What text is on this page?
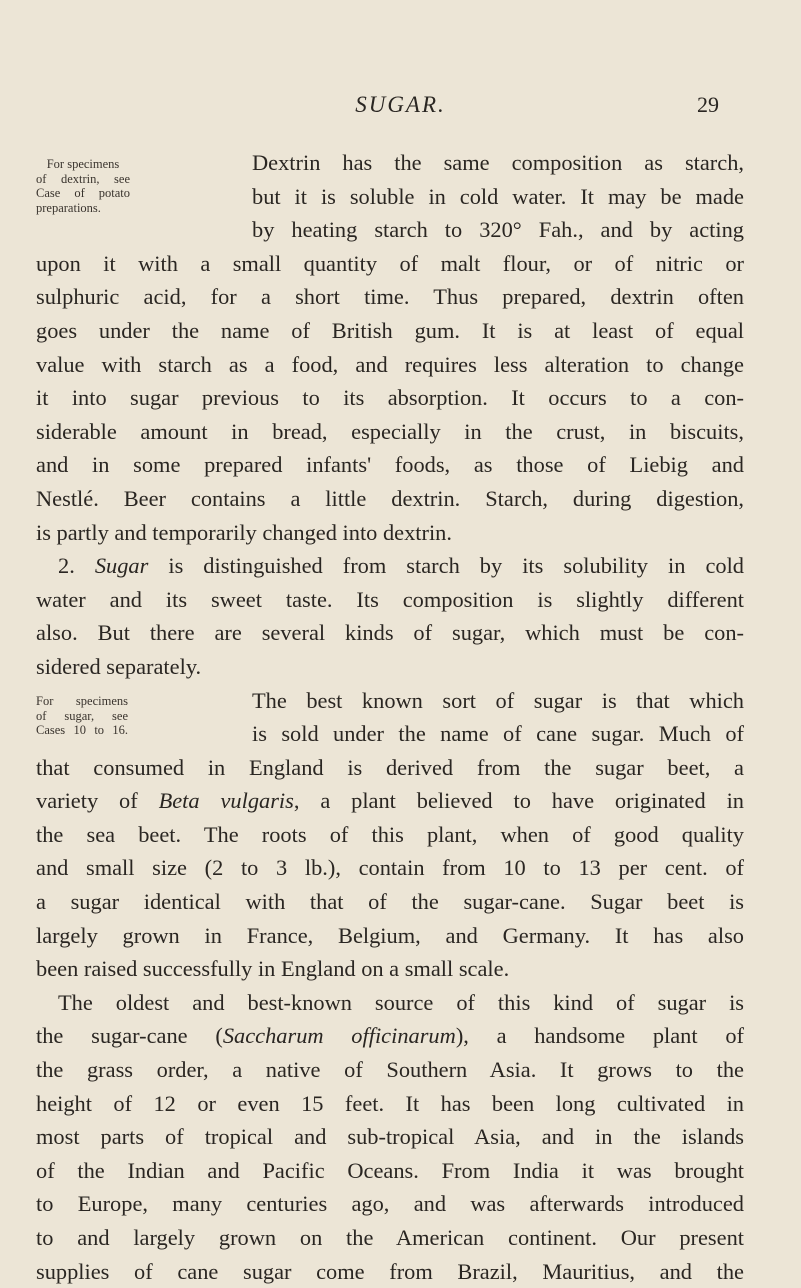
SUGAR.	29
For specimens
of dextrin, see
Case of potato
preparations.
For specimens
of sugar, see
Cases 10 to 16.
Dextrin has the same composition as starch,
but it is soluble in cold water. It may be made
by heating starch to 320° Fah., and by acting
upon it with a small quantity of malt flour, or of nitric or
sulphuric acid, for a short time. Thus prepared, dextrin often
goes under the name of British gum. It is at least of equal
value with starch as a food, and requires less alteration to change
it into sugar previous to its absorption. It occurs to a con-
siderable amount in bread, especially in the crust, in biscuits,
and in some prepared infants' foods, as those of Liebig and
Nestlé. Beer contains a little dextrin. Starch, during digestion,
is partly and temporarily changed into dextrin.
2. Sugar is distinguished from starch by its solubility in cold
water and its sweet taste. Its composition is slightly different
also. But there are several kinds of sugar, which must be con-
sidered separately.
The best known sort of sugar is that which
is sold under the name of cane sugar. Much of
that consumed in England is derived from the sugar beet, a
variety of Beta vulgaris, a plant believed to have originated in
the sea beet. The roots of this plant, when of good quality
and small size (2 to 3 lb.), contain from 10 to 13 per cent. of
a sugar identical with that of the sugar-cane. Sugar beet is
largely grown in France, Belgium, and Germany. It has also
been raised successfully in England on a small scale.
The oldest and best-known source of this kind of sugar is
the sugar-cane (Saccharum officinarum), a handsome plant of
the grass order, a native of Southern Asia. It grows to the
height of 12 or even 15 feet. It has been long cultivated in
most parts of tropical and sub-tropical Asia, and in the islands
of the Indian and Pacific Oceans. From India it was brought
to Europe, many centuries ago, and was afterwards introduced
to and largely grown on the American continent. Our present
supplies of cane sugar come from Brazil, Mauritius, and the
